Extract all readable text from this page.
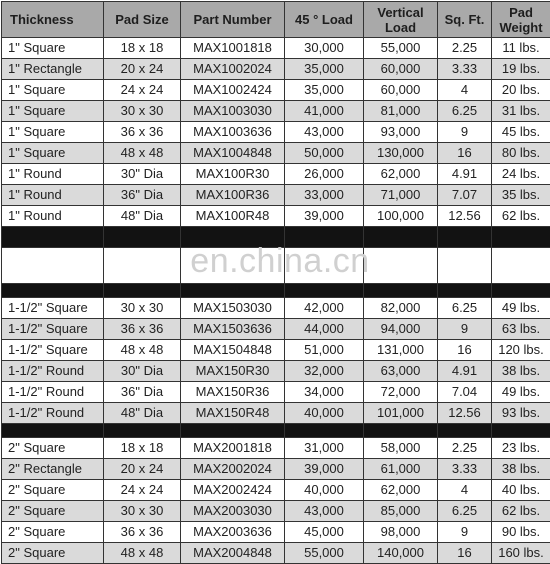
Thickness	Pad Size	Part Number	45 ° Load	Vertical Load	Sq. Ft.	Pad Weight
1" Square	18 x 18	MAX1001818	30,000	55,000	2.25	11 lbs.
1" Rectangle	20 x 24	MAX1002024	35,000	60,000	3.33	19 lbs.
1" Square	24 x 24	MAX1002424	35,000	60,000	4	20 lbs.
1" Square	30 x 30	MAX1003030	41,000	81,000	6.25	31 lbs.
1" Square	36 x 36	MAX1003636	43,000	93,000	9	45 lbs.
1" Square	48 x 48	MAX1004848	50,000	130,000	16	80 lbs.
1" Round	30" Dia	MAX100R30	26,000	62,000	4.91	24 lbs.
1" Round	36" Dia	MAX100R36	33,000	71,000	7.07	35 lbs.
1" Round	48" Dia	MAX100R48	39,000	100,000	12.56	62 lbs.

1-1/2" Square	30 x 30	MAX1503030	42,000	82,000	6.25	49 lbs.
1-1/2" Square	36 x 36	MAX1503636	44,000	94,000	9	63 lbs.
1-1/2" Square	48 x 48	MAX1504848	51,000	131,000	16	120 lbs.
1-1/2" Round	30" Dia	MAX150R30	32,000	63,000	4.91	38 lbs.
1-1/2" Round	36" Dia	MAX150R36	34,000	72,000	7.04	49 lbs.
1-1/2" Round	48" Dia	MAX150R48	40,000	101,000	12.56	93 lbs.

2" Square	18 x 18	MAX2001818	31,000	58,000	2.25	23 lbs.
2" Rectangle	20 x 24	MAX2002024	39,000	61,000	3.33	38 lbs.
2" Square	24 x 24	MAX2002424	40,000	62,000	4	40 lbs.
2" Square	30 x 30	MAX2003030	43,000	85,000	6.25	62 lbs.
2" Square	36 x 36	MAX2003636	45,000	98,000	9	90 lbs.
2" Square	48 x 48	MAX2004848	55,000	140,000	16	160 lbs.
en.china.cn
